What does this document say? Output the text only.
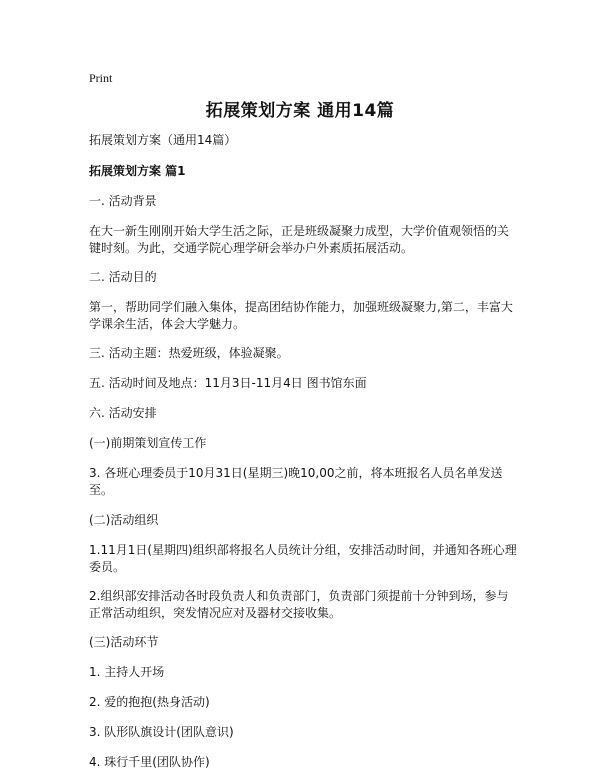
Print
拓展策划方案 通用14篇

拓展策划方案（通用14篇）

拓展策划方案 篇1

一. 活动背景

在大一新生刚刚开始大学生活之际，正是班级凝聚力成型，大学价值观领悟的关键时刻。为此，交通学院心理学研会举办户外素质拓展活动。

二. 活动目的

第一，帮助同学们融入集体，提高团结协作能力，加强班级凝聚力,第二，丰富大学课余生活，体会大学魅力。

三. 活动主题：热爱班级，体验凝聚。

五. 活动时间及地点：11月3日-11月4日 图书馆东面

六. 活动安排

(一)前期策划宣传工作

3. 各班心理委员于10月31日(星期三)晚10,00之前，将本班报名人员名单发送至。

(二)活动组织

1.11月1日(星期四)组织部将报名人员统计分组，安排活动时间，并通知各班心理委员。

2.组织部安排活动各时段负责人和负责部门，负责部门须提前十分钟到场，参与正常活动组织，突发情况应对及器材交接收集。

(三)活动环节

1. 主持人开场

2. 爱的抱抱(热身活动)

3. 队形队旗设计(团队意识)

4. 珠行千里(团队协作)
